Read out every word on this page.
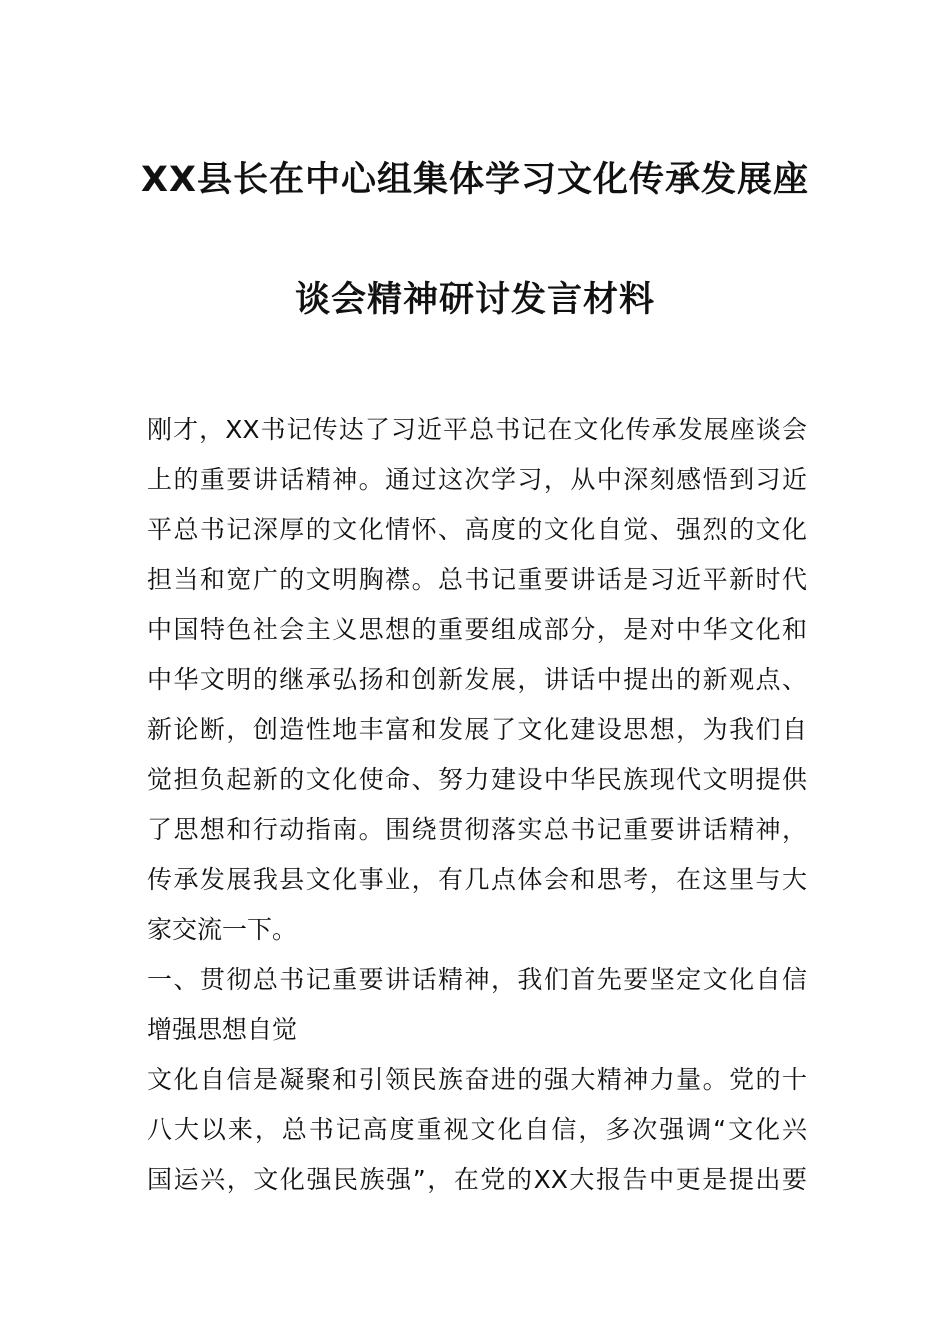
XX县长在中心组集体学习文化传承发展座
谈会精神研讨发言材料
刚才，XX书记传达了习近平总书记在文化传承发展座谈会
上的重要讲话精神。通过这次学习，从中深刻感悟到习近
平总书记深厚的文化情怀、高度的文化自觉、强烈的文化
担当和宽广的文明胸襟。总书记重要讲话是习近平新时代
中国特色社会主义思想的重要组成部分，是对中华文化和
中华文明的继承弘扬和创新发展，讲话中提出的新观点、
新论断，创造性地丰富和发展了文化建设思想，为我们自
觉担负起新的文化使命、努力建设中华民族现代文明提供
了思想和行动指南。围绕贯彻落实总书记重要讲话精神，
传承发展我县文化事业，有几点体会和思考，在这里与大
家交流一下。
一、贯彻总书记重要讲话精神，我们首先要坚定文化自信
增强思想自觉
文化自信是凝聚和引领民族奋进的强大精神力量。党的十
八大以来，总书记高度重视文化自信，多次强调“文化兴
国运兴，文化强民族强”，在党的XX大报告中更是提出要
